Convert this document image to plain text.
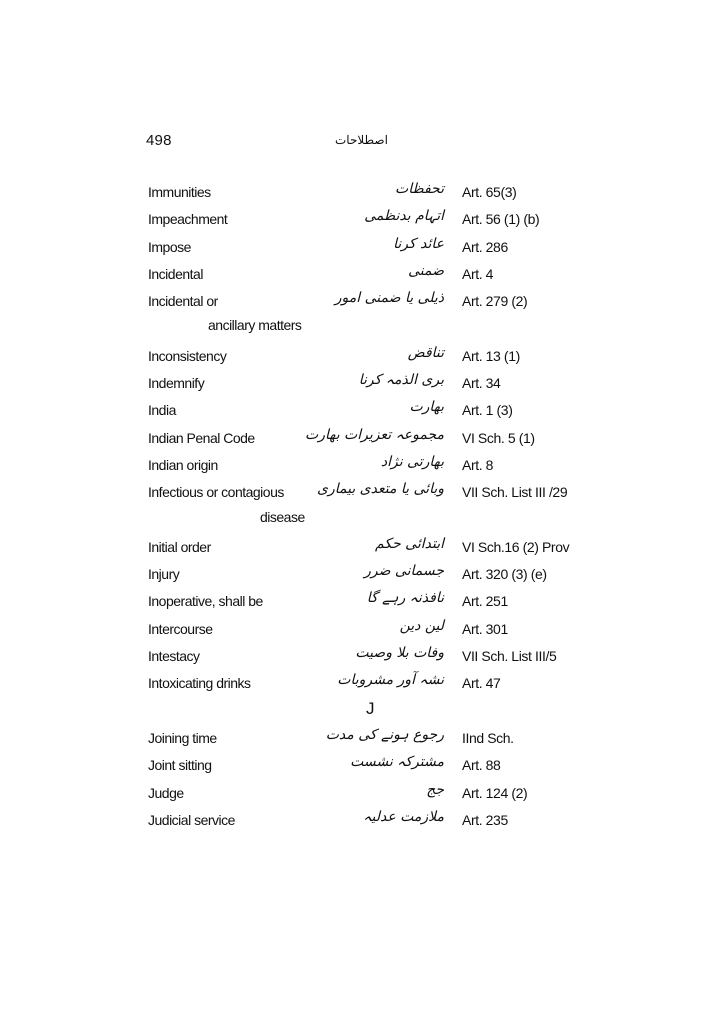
498	اصطلاحات
Immunities	تحفظات Art. 65(3)
Impeachment	اتہام بدنظمی Art. 56 (1) (b)
Impose	عائد کرنا Art. 286
Incidental	ضمنی Art. 4
Incidental or	ذیلی یا ضمنی امور Art. 279 (2)
ancillary matters
Inconsistency	تناقض Art. 13 (1)
Indemnify	بری الذمہ کرنا Art. 34
India	بھارت Art. 1 (3)
Indian Penal Code	مجموعہ تعزیرات بھارت VI Sch. 5 (1)
Indian origin	بھارتی نژاد Art. 8
Infectious or contagious وبائی یا متعدی بیماری VII Sch. List III /29
disease
Initial order	ابتدائی حکم VI Sch.16 (2) Prov
Injury	جسمانی ضرر Art. 320 (3) (e)
Inoperative, shall be	نافذنہ رہے گا Art. 251
Intercourse	لین دین Art. 301
Intestacy	وفات بلا وصیت VII Sch. List III/5
Intoxicating drinks	نشہ آور مشروبات Art. 47
J
Joining time	رجوع ہونے کی مدت IInd Sch.
Joint sitting	مشترکہ نشست Art. 88
Judge	جج Art. 124 (2)
Judicial service	ملازمت عدلیہ Art. 235
